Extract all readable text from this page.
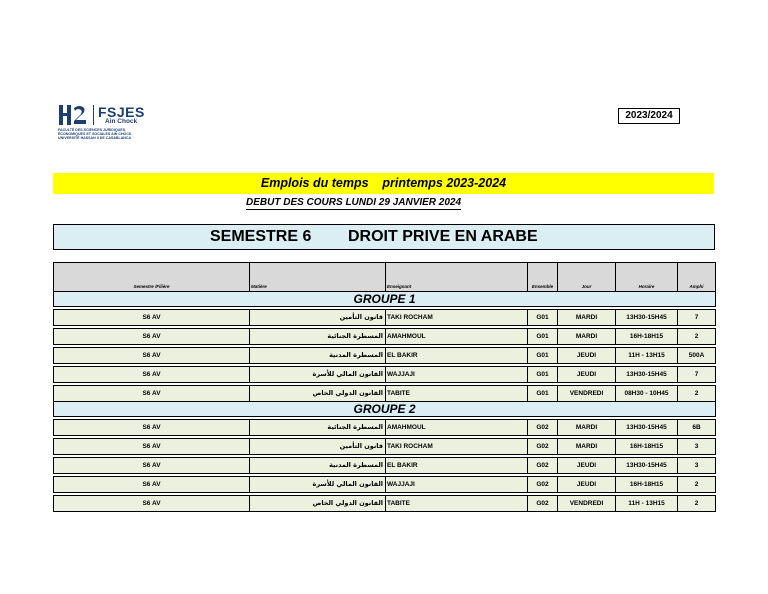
FSJES
Ain Chock
FACULTÉ DES SCIENCES JURIDIQUES,
ÉCONOMIQUES ET SOCIALES AIN CHOCK
UNIVERSITÉ HASSAN II DE CASABLANCA
2023/2024
Emplois du temps    printemps 2023-2024
DEBUT DES COURS LUNDI 29 JANVIER 2024
SEMESTRE 6 DROIT PRIVE EN ARABE
Semestre /Filière	Matière	Enseignant	Ensemble	Jour	Horaire	Amphi
GROUPE 1						

S6 AV	قانون التأمين	TAKI ROCHAM	G01	MARDI	13H30-15H45	7

S6 AV	المسطرة الجنائية	AMAHMOUL	G01	MARDI	16H-18H15	2

S6 AV	المسطرة المدنية	EL BAKIR	G01	JEUDI	11H - 13H15	500A

S6 AV	القانون المالي للأسرة	WAJJAJI	G01	JEUDI	13H30-15H45	7

S6 AV	القانون الدولي الخاص	TABITE	G01	VENDREDI	08H30 - 10H45	2
GROUPE 2						

S6 AV	المسطرة الجنائية	AMAHMOUL	G02	MARDI	13H30-15H45	6B

S6 AV	قانون التأمين	TAKI ROCHAM	G02	MARDI	16H-18H15	3

S6 AV	المسطرة المدنية	EL BAKIR	G02	JEUDI	13H30-15H45	3

S6 AV	القانون المالي للأسرة	WAJJAJI	G02	JEUDI	16H-18H15	2

S6 AV	القانون الدولي الخاص	TABITE	G02	VENDREDI	11H - 13H15	2
